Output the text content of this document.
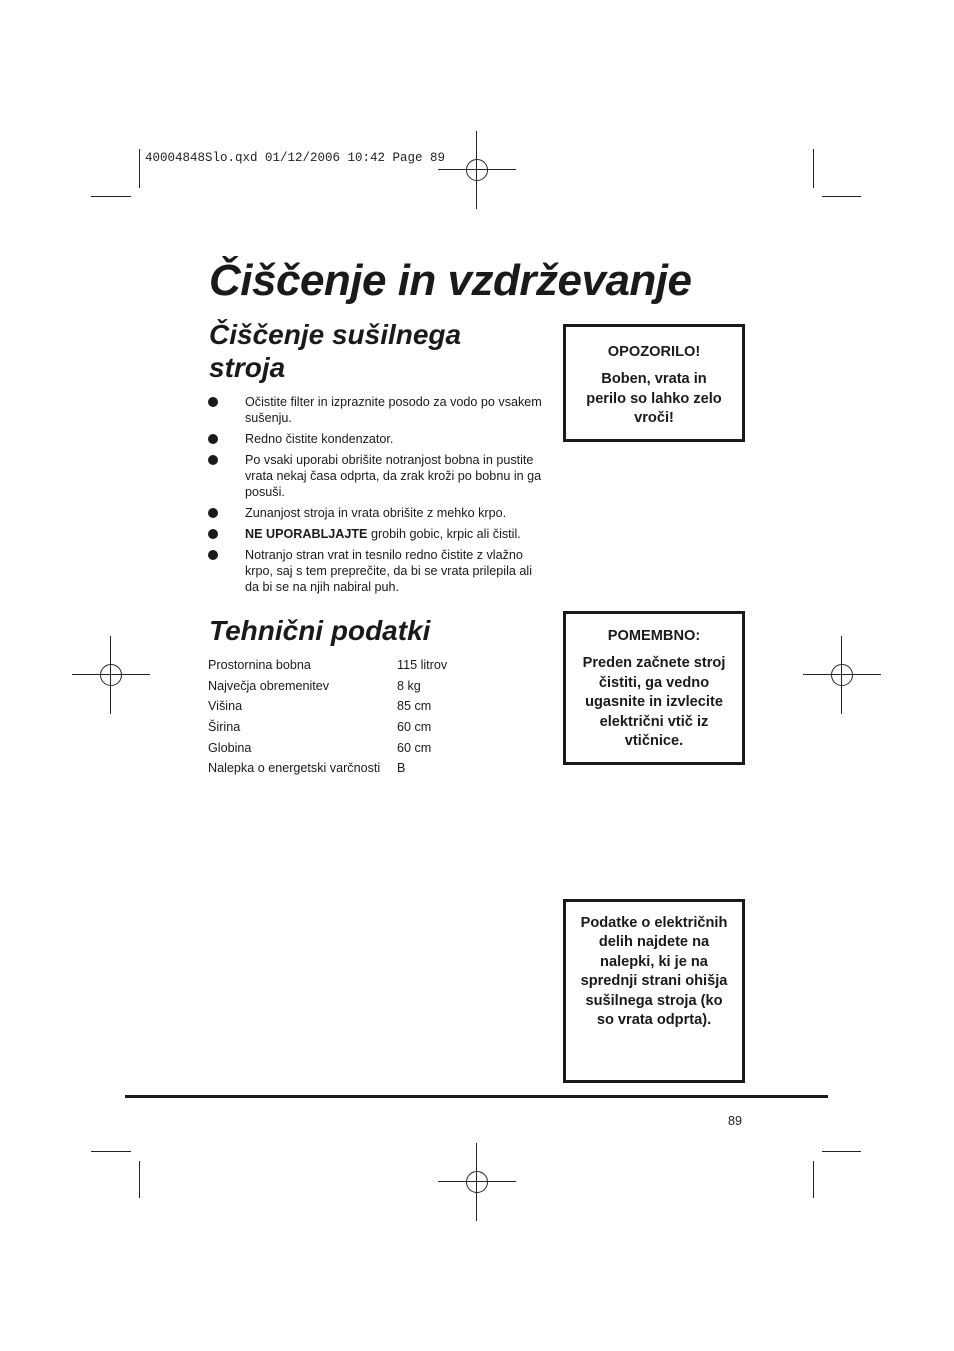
40004848Slo.qxd 01/12/2006 10:42 Page 89
Čiščenje in vzdrževanje
Čiščenje sušilnega stroja
Očistite filter in izpraznite posodo za vodo po vsakem sušenju.
Redno čistite kondenzator.
Po vsaki uporabi obrišite notranjost bobna in pustite vrata nekaj časa odprta, da zrak kroži po bobnu in ga posuši.
Zunanjost stroja in vrata obrišite z mehko krpo.
NE UPORABLJAJTE grobih gobic, krpic ali čistil.
Notranjo stran vrat in tesnilo redno čistite z vlažno krpo, saj s tem preprečite, da bi se vrata prilepila ali da bi se na njih nabiral puh.
Tehnični podatki
Prostornina bobna	115 litrov
Največja obremenitev	8 kg
Višina	85 cm
Širina	60 cm
Globina	60 cm
Nalepka o energetski varčnosti	B
OPOZORILO!
Boben, vrata in perilo so lahko zelo vroči!
POMEMBNO:
Preden začnete stroj čistiti, ga vedno ugasnite in izvlecite električni vtič iz vtičnice.
Podatke o električnih delih najdete na nalepki, ki je na sprednji strani ohišja sušilnega stroja (ko so vrata odprta).
89
